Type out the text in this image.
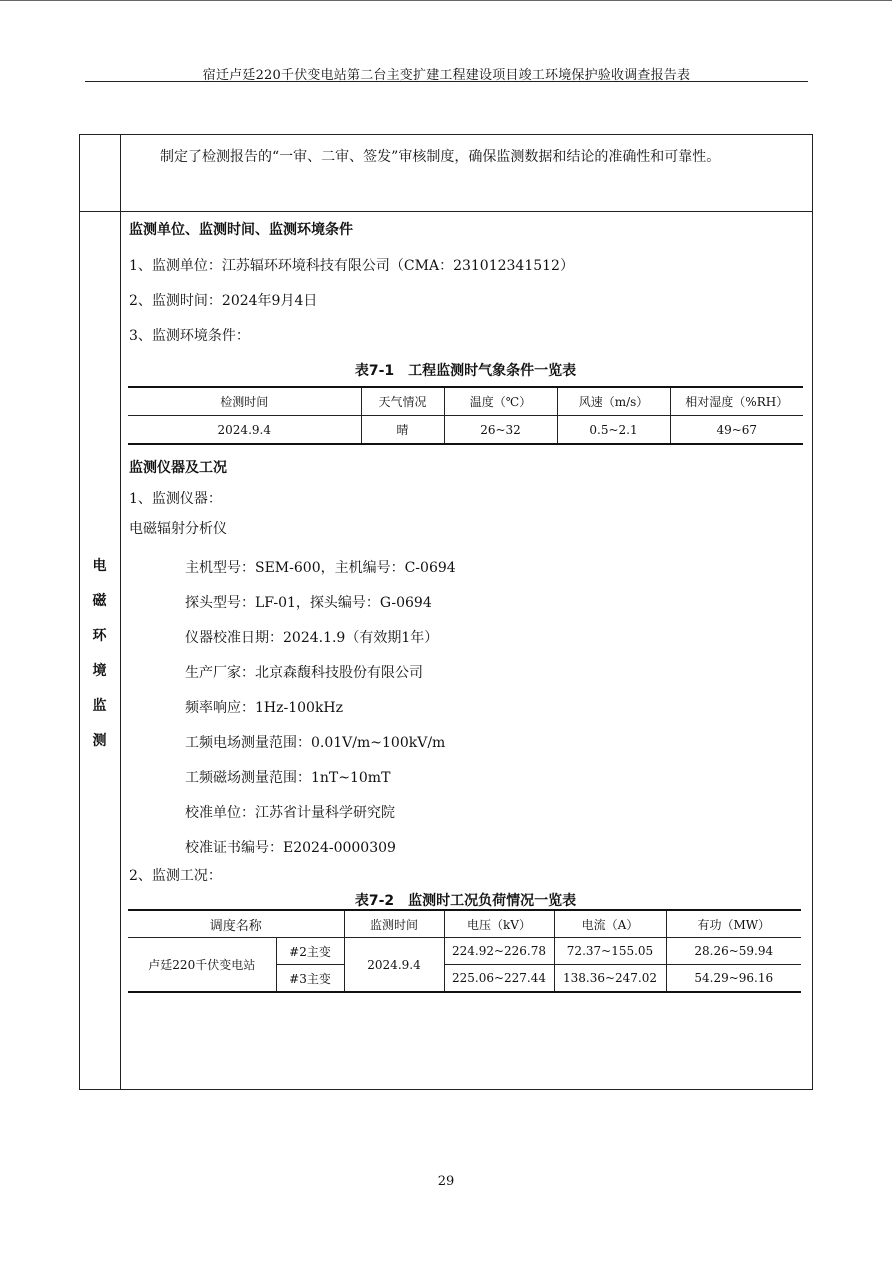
宿迁卢廷220千伏变电站第二台主变扩建工程建设项目竣工环境保护验收调查报告表
制定了检测报告的“一审、二审、签发”审核制度，确保监测数据和结论的准确性和可靠性。
电
磁
环
境
监
测
监测单位、监测时间、监测环境条件
1、监测单位：江苏辐环环境科技有限公司（CMA：231012341512）
2、监测时间：2024年9月4日
3、监测环境条件：
表7-1　工程监测时气象条件一览表
检测时间	天气情况	温度（℃）	风速（m/s）	相对湿度（%RH）
2024.9.4	晴	26~32	0.5~2.1	49~67
监测仪器及工况
1、监测仪器：
电磁辐射分析仪
主机型号：SEM-600，主机编号：C-0694
探头型号：LF-01，探头编号：G-0694
仪器校准日期：2024.1.9（有效期1年）
生产厂家：北京森馥科技股份有限公司
频率响应：1Hz-100kHz
工频电场测量范围：0.01V/m~100kV/m
工频磁场测量范围：1nT~10mT
校准单位：江苏省计量科学研究院
校准证书编号：E2024-0000309
2、监测工况：
表7-2　监测时工况负荷情况一览表
调度名称		监测时间	电压（kV）	电流（A）	有功（MW）
卢廷220千伏变电站	#2主变	2024.9.4	224.92~226.78	72.37~155.05	28.26~59.94
	#3主变		225.06~227.44	138.36~247.02	54.29~96.16
29
